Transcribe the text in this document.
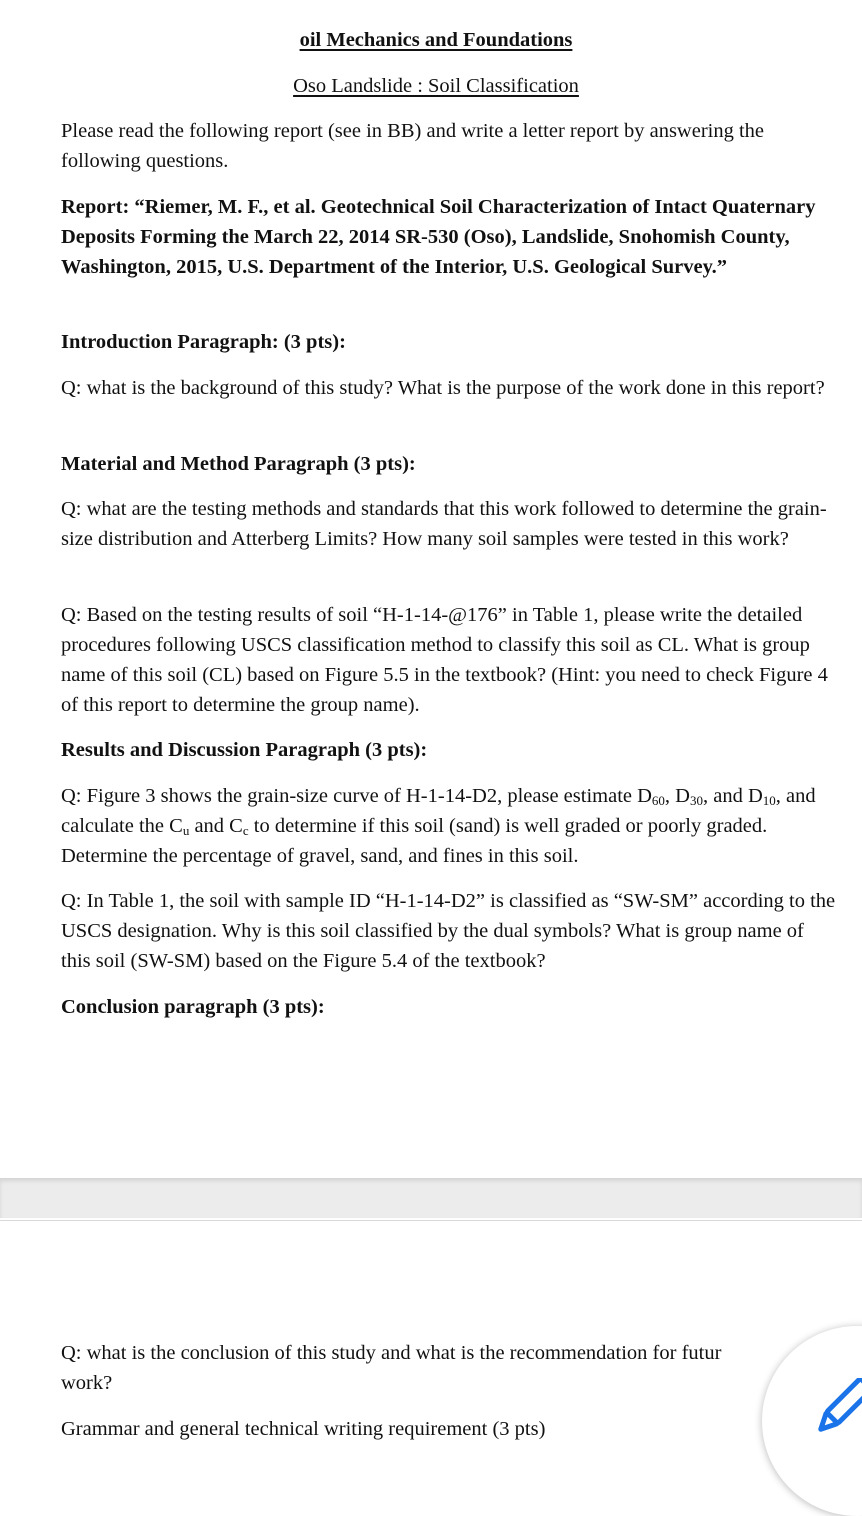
oil Mechanics and Foundations
Oso Landslide : Soil Classification

Please read the following report (see in BB) and write a letter report by answering the following questions.

Report: “Riemer, M. F., et al. Geotechnical Soil Characterization of Intact Quaternary Deposits Forming the March 22, 2014 SR-530 (Oso), Landslide, Snohomish County, Washington, 2015, U.S. Department of the Interior, U.S. Geological Survey.”

Introduction Paragraph: (3 pts):

Q: what is the background of this study? What is the purpose of the work done in this report?

Material and Method Paragraph (3 pts):

Q: what are the testing methods and standards that this work followed to determine the grain-size distribution and Atterberg Limits? How many soil samples were tested in this work?

Q: Based on the testing results of soil “H-1-14-@176” in Table 1, please write the detailed procedures following USCS classification method to classify this soil as CL. What is group name of this soil (CL) based on Figure 5.5 in the textbook? (Hint: you need to check Figure 4 of this report to determine the group name).

Results and Discussion Paragraph (3 pts):

Q: Figure 3 shows the grain-size curve of H-1-14-D2, please estimate $D_{60}$, $D_{30}$, and $D_{10}$, and calculate the $C_u$ and $C_c$ to determine if this soil (sand) is well graded or poorly graded. Determine the percentage of gravel, sand, and fines in this soil.

Q: In Table 1, the soil with sample ID “H-1-14-D2” is classified as “SW-SM” according to the USCS designation. Why is this soil classified by the dual symbols? What is group name of this soil (SW-SM) based on the Figure 5.4 of the textbook?

Conclusion paragraph (3 pts):

Q: what is the conclusion of this study and what is the recommendation for futur

work?

Grammar and general technical writing requirement (3 pts)
